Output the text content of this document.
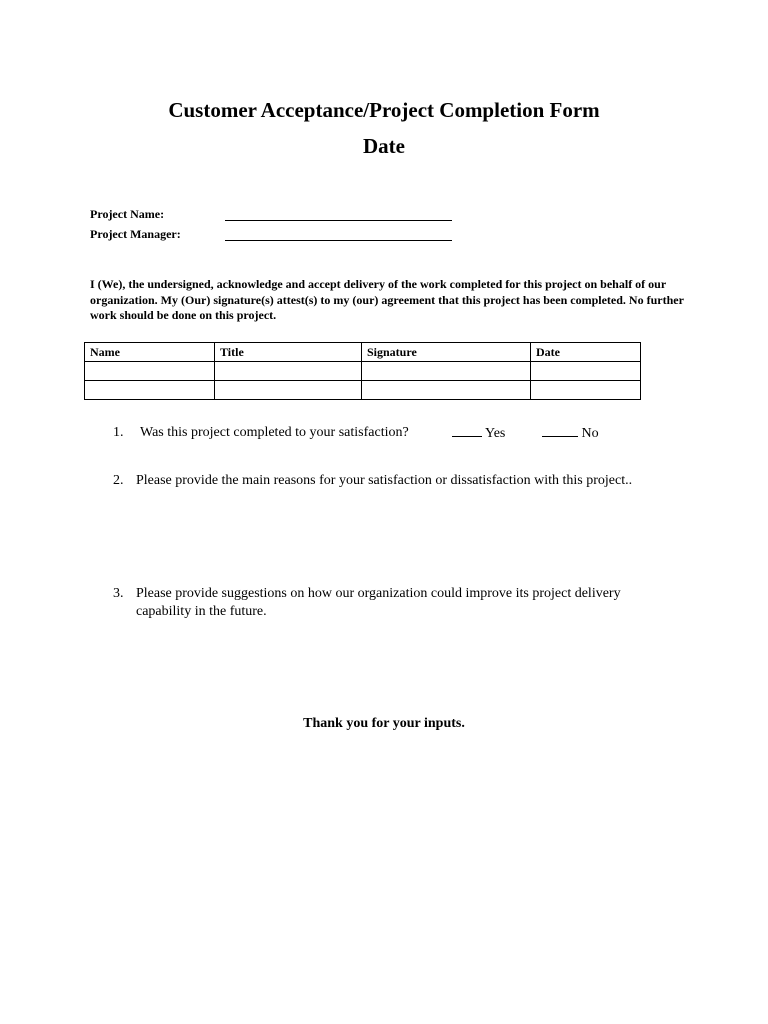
Customer Acceptance/Project Completion Form
Date
Project Name:
Project Manager:
I (We), the undersigned, acknowledge and accept delivery of the work completed for this project on behalf of our organization. My (Our) signature(s) attest(s) to my (our) agreement that this project has been completed. No further work should be done on this project.
Name	Title	Signature	Date

1. Was this project completed to your satisfaction?	Yes	No
2. Please provide the main reasons for your satisfaction or dissatisfaction with this project..
3. Please provide suggestions on how our organization could improve its project delivery capability in the future.
Thank you for your inputs.
